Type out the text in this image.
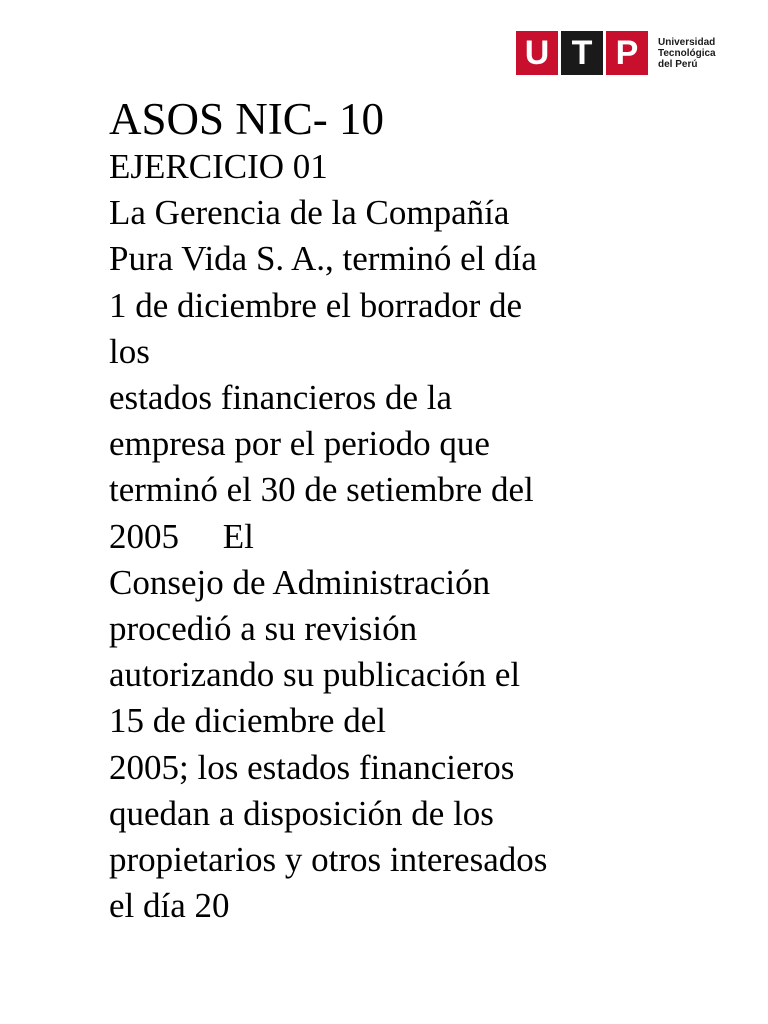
U T P	Universidad
Tecnológica
del Perú
ASOS NIC- 10
EJERCICIO 01
La Gerencia de la Compañía
Pura Vida S. A., terminó el día
1 de diciembre el borrador de
los
estados financieros de la
empresa por el periodo que
terminó el 30 de setiembre del
2005     El
Consejo de Administración
procedió a su revisión
autorizando su publicación el
15 de diciembre del
2005; los estados financieros
quedan a disposición de los
propietarios y otros interesados
el día 20
